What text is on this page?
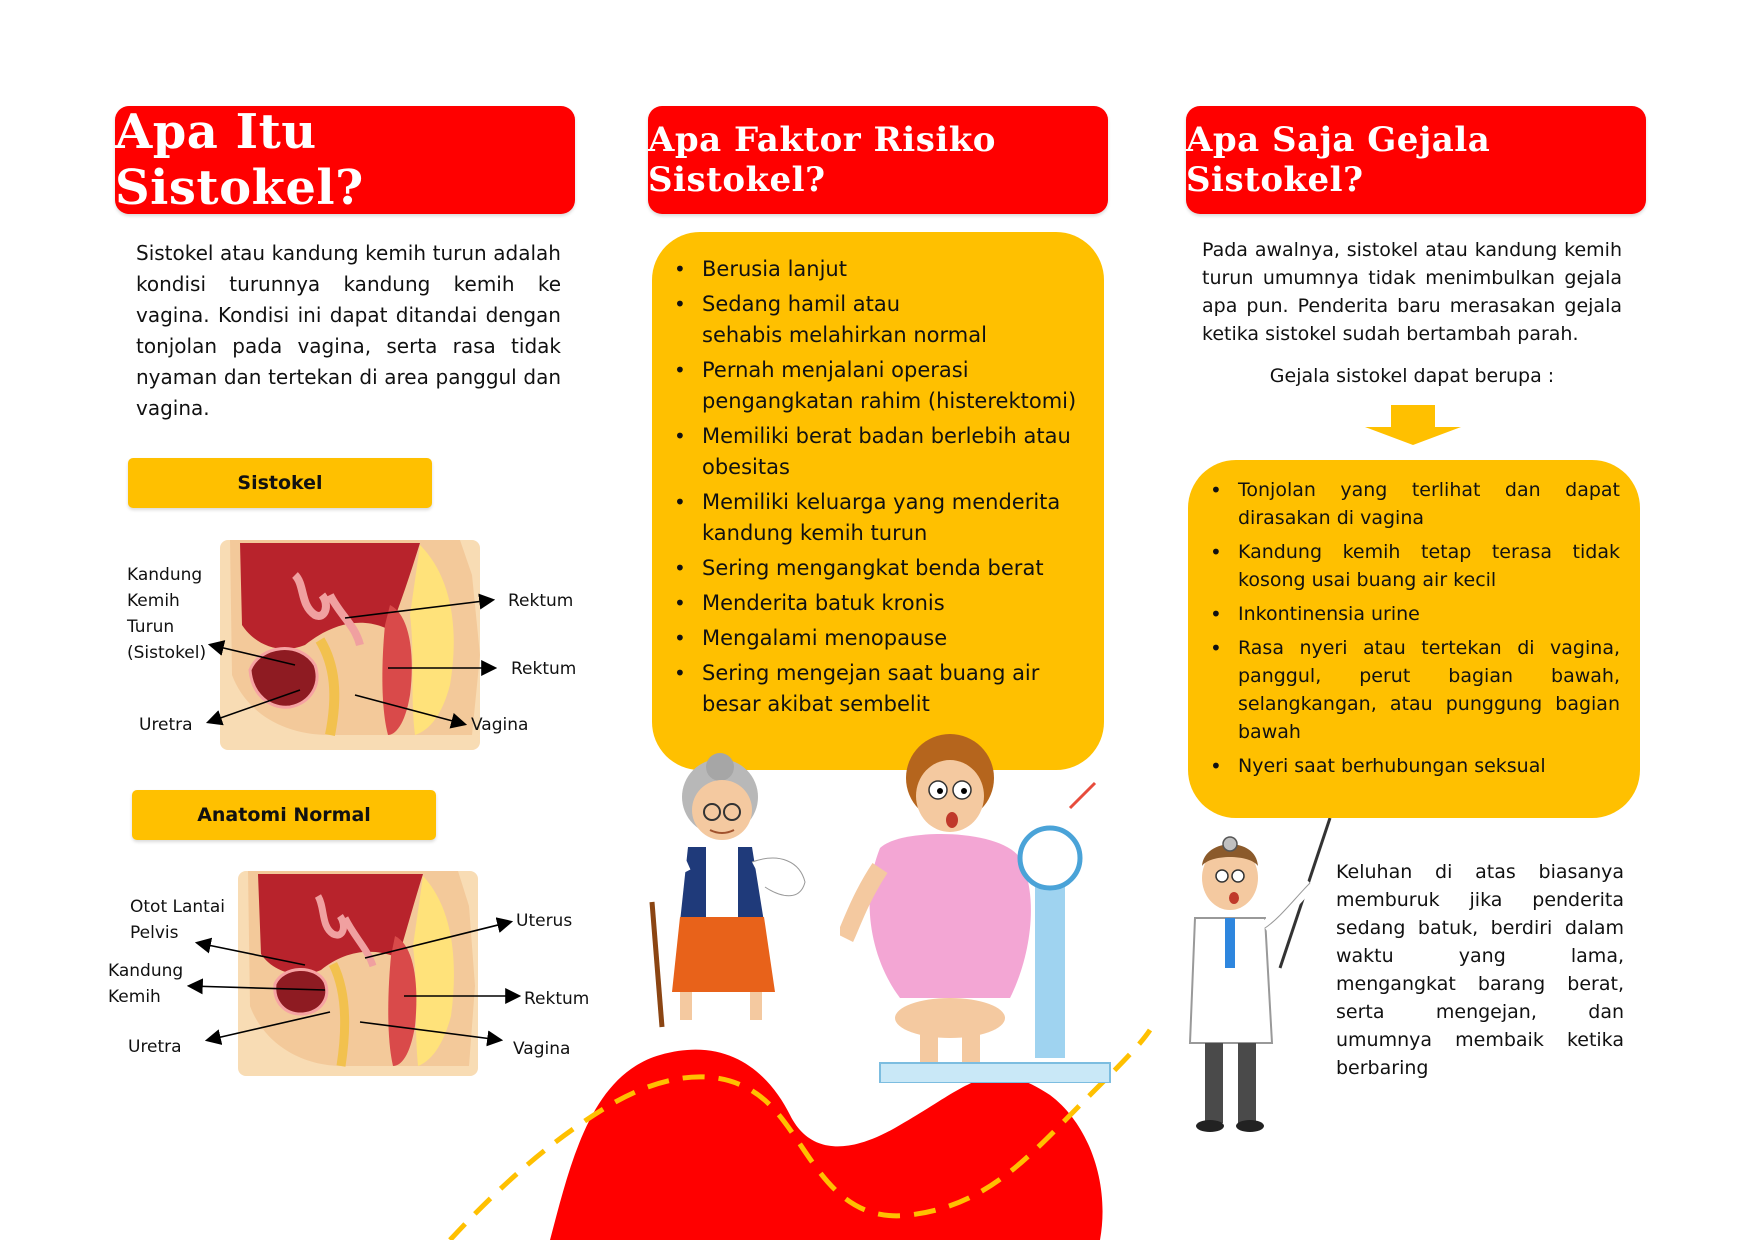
Apa Itu Sistokel?

Sistokel atau kandung kemih turun adalah kondisi turunnya kandung kemih ke vagina. Kondisi ini dapat ditandai dengan tonjolan pada vagina, serta rasa tidak nyaman dan tertekan di area panggul dan vagina.

Sistokel
Kandung
Kemih
Turun
(Sistokel)
Rektum
Rektum
Uretra	Vagina
Anatomi Normal
Otot Lantai
Pelvis
Uterus
Kandung
Kemih	Rektum
Uretra	Vagina
Apa Faktor Risiko Sistokel?
• Berusia lanjut
• Sedang hamil atau
sehabis melahirkan normal
• Pernah menjalani operasi
pengangkatan rahim (histerektomi)
• Memiliki berat badan berlebih atau
obesitas
• Memiliki keluarga yang menderita
kandung kemih turun
• Sering mengangkat benda berat
• Menderita batuk kronis
• Mengalami menopause
• Sering mengejan saat buang air
besar akibat sembelit
Apa Saja Gejala Sistokel?

Pada awalnya, sistokel atau kandung kemih turun umumnya tidak menimbulkan gejala apa pun. Penderita baru merasakan gejala ketika sistokel sudah bertambah parah.

Gejala sistokel dapat berupa :
• Tonjolan yang terlihat dan dapat dirasakan di vagina
• Kandung kemih tetap terasa tidak kosong usai buang air kecil
• Inkontinensia urine
• Rasa nyeri atau tertekan di vagina, panggul, perut bagian bawah, selangkangan, atau punggung bagian bawah
• Nyeri saat berhubungan seksual

Keluhan di atas biasanya memburuk jika penderita sedang batuk, berdiri dalam waktu yang lama, mengangkat barang berat, serta mengejan, dan umumnya membaik ketika berbaring
